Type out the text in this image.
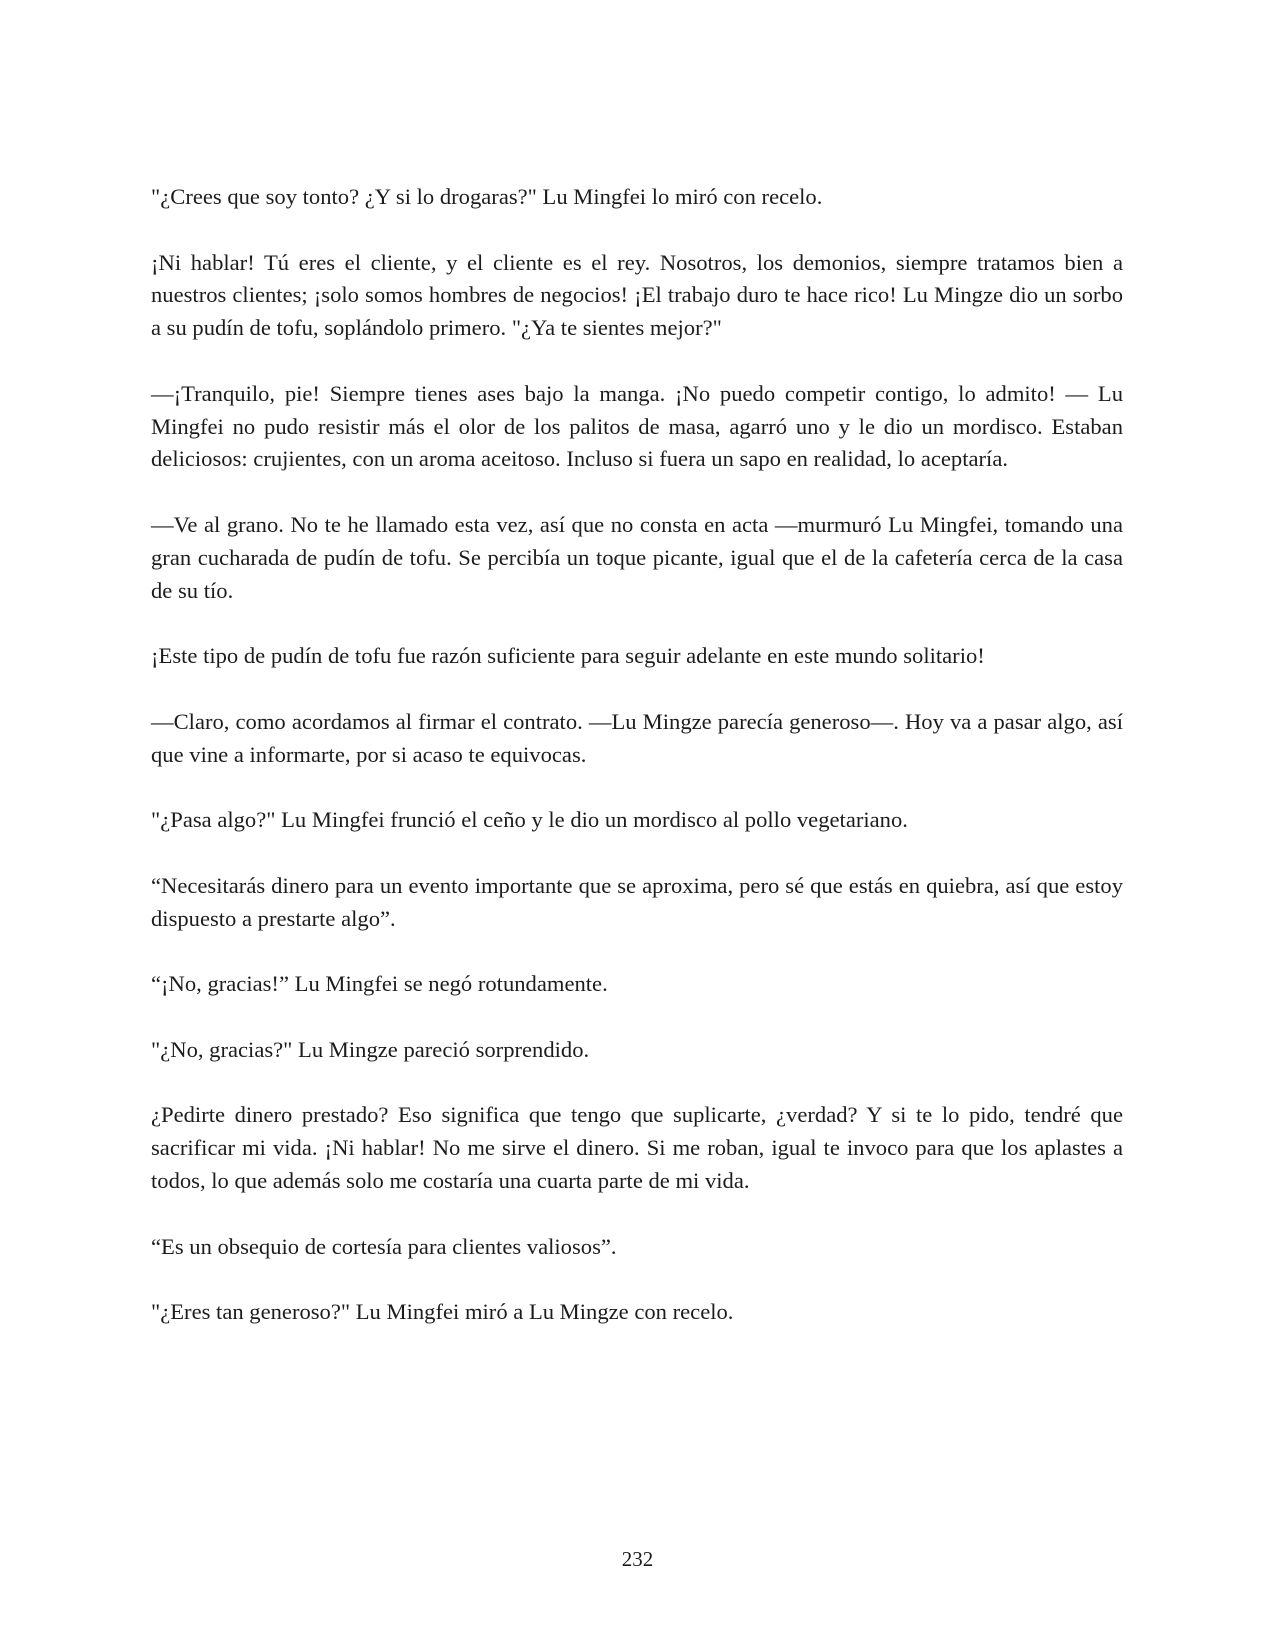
"¿Crees que soy tonto? ¿Y si lo drogaras?" Lu Mingfei lo miró con recelo.

¡Ni hablar! Tú eres el cliente, y el cliente es el rey. Nosotros, los demonios, siempre tratamos bien a nuestros clientes; ¡solo somos hombres de negocios! ¡El trabajo duro te hace rico! Lu Mingze dio un sorbo a su pudín de tofu, soplándolo primero. "¿Ya te sientes mejor?"

—¡Tranquilo, pie! Siempre tienes ases bajo la manga. ¡No puedo competir contigo, lo admito! — Lu Mingfei no pudo resistir más el olor de los palitos de masa, agarró uno y le dio un mordisco. Estaban deliciosos: crujientes, con un aroma aceitoso. Incluso si fuera un sapo en realidad, lo aceptaría.

—Ve al grano. No te he llamado esta vez, así que no consta en acta —murmuró Lu Mingfei, tomando una gran cucharada de pudín de tofu. Se percibía un toque picante, igual que el de la cafetería cerca de la casa de su tío.

¡Este tipo de pudín de tofu fue razón suficiente para seguir adelante en este mundo solitario!

—Claro, como acordamos al firmar el contrato. —Lu Mingze parecía generoso—. Hoy va a pasar algo, así que vine a informarte, por si acaso te equivocas.

"¿Pasa algo?" Lu Mingfei frunció el ceño y le dio un mordisco al pollo vegetariano.

“Necesitarás dinero para un evento importante que se aproxima, pero sé que estás en quiebra, así que estoy dispuesto a prestarte algo”.

“¡No, gracias!” Lu Mingfei se negó rotundamente.

"¿No, gracias?" Lu Mingze pareció sorprendido.

¿Pedirte dinero prestado? Eso significa que tengo que suplicarte, ¿verdad? Y si te lo pido, tendré que sacrificar mi vida. ¡Ni hablar! No me sirve el dinero. Si me roban, igual te invoco para que los aplastes a todos, lo que además solo me costaría una cuarta parte de mi vida.

“Es un obsequio de cortesía para clientes valiosos”.

"¿Eres tan generoso?" Lu Mingfei miró a Lu Mingze con recelo.

232
